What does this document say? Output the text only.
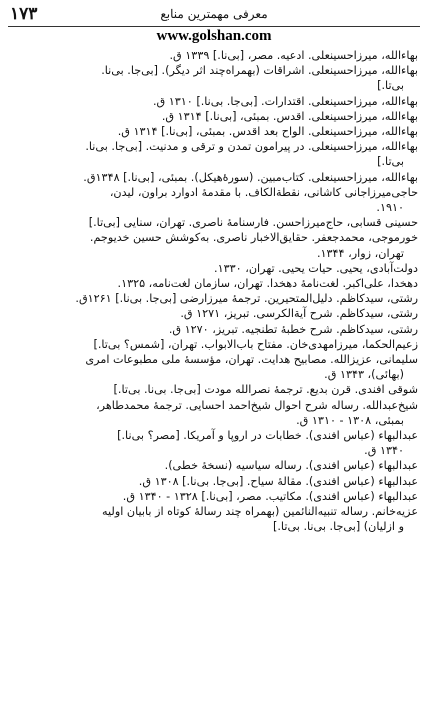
۱۷۳	معرفی مهمترین منابع
www.golshan.com
بهاءالله، میرزاحسینعلی. ادعیه. مصر، [بی‌نا.] ۱۳۳۹ ق.
بهاءالله، میرزاحسینعلی. اشراقات (بهمراه‌چند اثر دیگر). [بی‌جا. بی‌نا.
بی‌تا.]
بهاءالله، میرزاحسینعلی. اقتدارات. [بی‌جا. بی‌نا.] ۱۳۱۰ ق.
بهاءالله، میرزاحسینعلی. اقدس. بمبئی، [بی‌نا.] ۱۳۱۴ ق.
بهاءالله، میرزاحسینعلی. الواح بعد اقدس. بمبئی، [بی‌نا.] ۱۳۱۴ ق.
بهاءالله، میرزاحسینعلی. در پیرامون تمدن و ترقی و مدنیت. [بی‌جا. بی‌نا.
بی‌تا.]
بهاءالله، میرزاحسینعلی. کتاب‌مبین. (سورهٔ‌هیکل). بمبئی، [بی‌نا.] ۱۳۴۸ق.
حاجی‌میرزاجانی کاشانی، نقطةالکاف. با مقدمهٔ ادوارد براون، لیدن،
۱۹۱۰.
حسینی قسابی، حاج‌میرزاحسن. فارسنامهٔ ناصری. تهران، سنایی [بی‌تا.]
خورموجی، محمدجعفر. حقایق‌الاخبار ناصری. به‌کوشش حسین خدیوجم.
تهران، زوار، ۱۳۴۴.
دولت‌آبادی، یحیی. حیات یحیی. تهران، ۱۳۳۰.
دهخدا، علی‌اکبر. لغت‌نامهٔ دهخدا. تهران، سازمان لغت‌نامه، ۱۳۲۵.
رشتی، سیدکاظم. دلیل‌المتحیرین. ترجمهٔ میرزارضی [بی‌جا. بی‌نا.] ۱۲۶۱ق.
رشتی، سیدکاظم. شرح آیةالکرسی. تبریز، ۱۲۷۱ ق.
رشتی، سیدکاظم. شرح خطبهٔ تطنجیه. تبریز، ۱۲۷۰ ق.
زعیم‌الحکما، میرزامهدی‌خان. مفتاح باب‌الابواب. تهران، [شمس؟ بی‌تا.]
سلیمانی، عزیزالله. مصابیح هدایت. تهران، مؤسسهٔ ملی مطبوعات امری
(بهائی)، ۱۳۴۳ ق.
شوقی افندی. قرن بدیع. ترجمهٔ نصرالله مودت [بی‌جا. بی‌نا. بی‌تا.]
شیخ‌عبدالله. رساله شرح احوال شیخ‌احمد احسایی. ترجمهٔ محمدطاهر،
بمبئی، ۱۳۰۸ - ۱۳۱۰ ق.
عبدالبهاء (عباس افندی). خطابات در اروپا و آمریکا. [مصر؟ بی‌نا.]
۱۳۴۰ ق.
عبدالبهاء (عباس افندی). رساله سیاسیه (نسخهٔ خطی).
عبدالبهاء (عباس افندی). مقالهٔ سیاح. [بی‌جا. بی‌نا.] ۱۳۰۸ ق.
عبدالبهاء (عباس افندی). مکاتیب. مصر، [بی‌نا.] ۱۳۲۸ - ۱۳۴۰ ق.
عزیه‌خانم. رساله تنبیه‌النائمین (بهمراه چند رسالهٔ کوتاه از بابیان اولیه
و ازلیان) [بی‌جا. بی‌نا. بی‌تا.]
